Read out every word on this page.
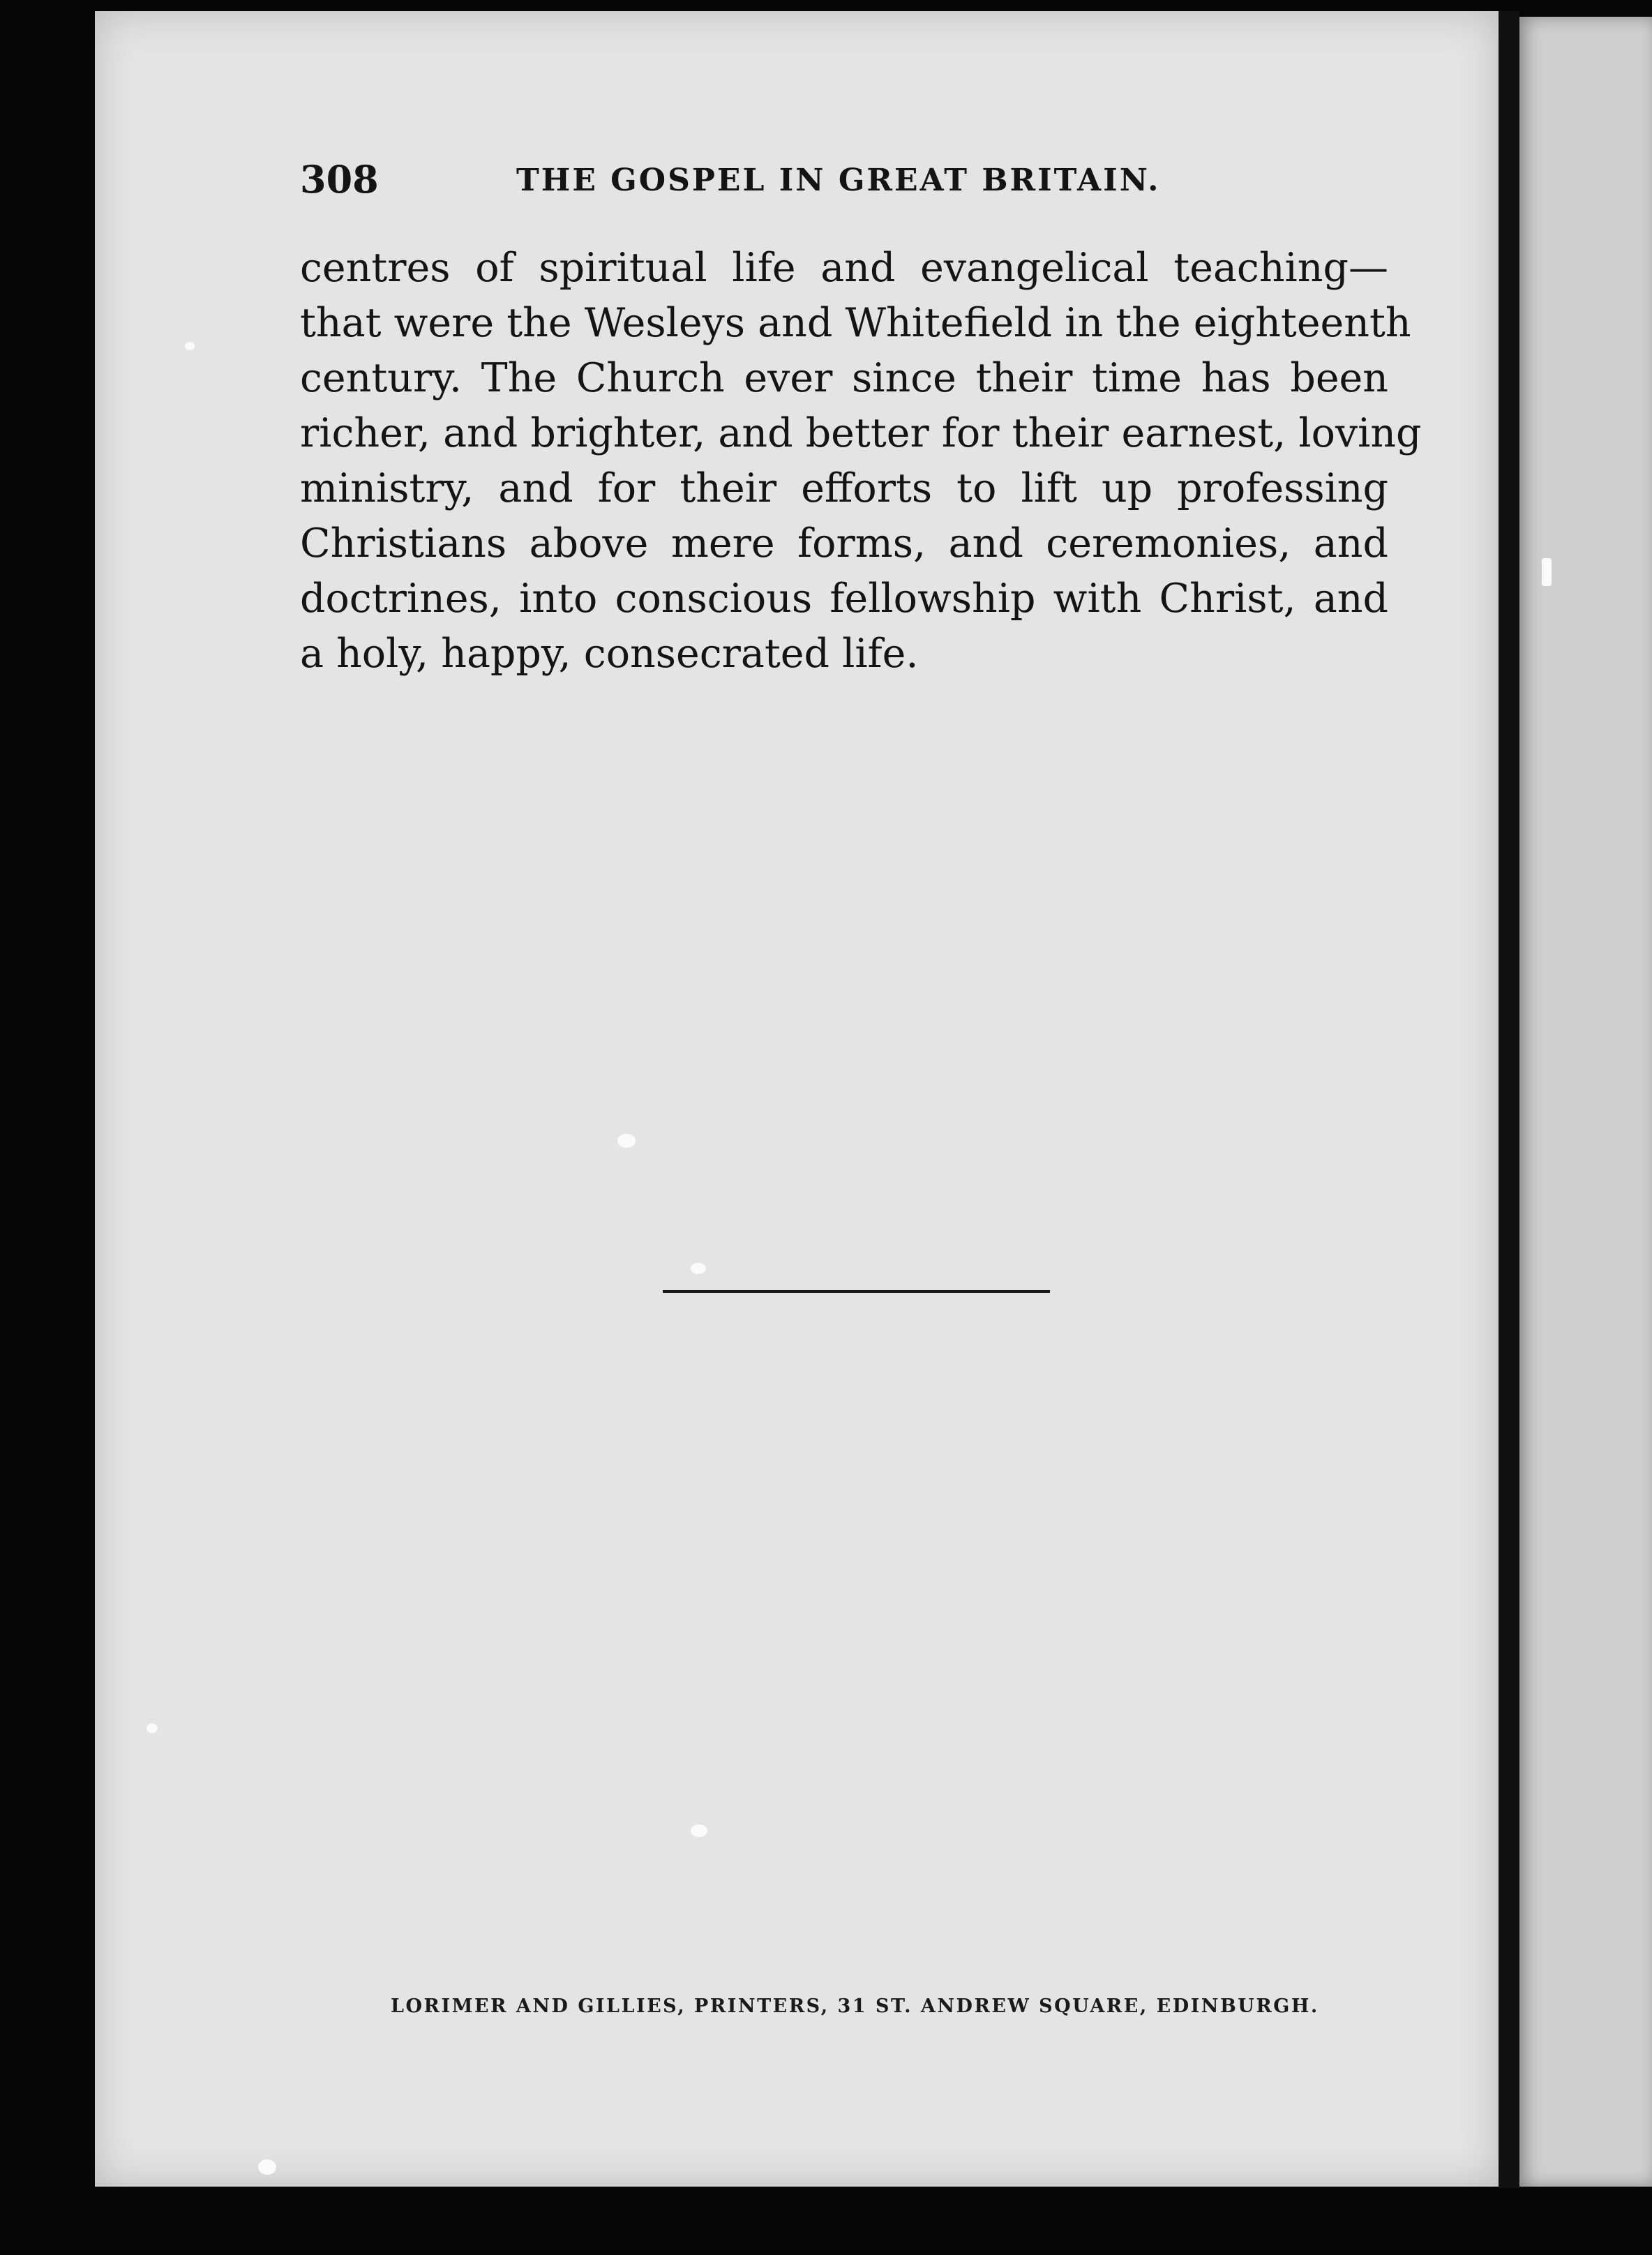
308	THE GOSPEL IN GREAT BRITAIN.
centres of spiritual life and evangelical teaching—
that were the Wesleys and Whitefield in the eighteenth
century. The Church ever since their time has been
richer, and brighter, and better for their earnest, loving
ministry, and for their efforts to lift up professing
Christians above mere forms, and ceremonies, and
doctrines, into conscious fellowship with Christ, and
a holy, happy, consecrated life.
LORIMER AND GILLIES, PRINTERS, 31 ST. ANDREW SQUARE, EDINBURGH.
